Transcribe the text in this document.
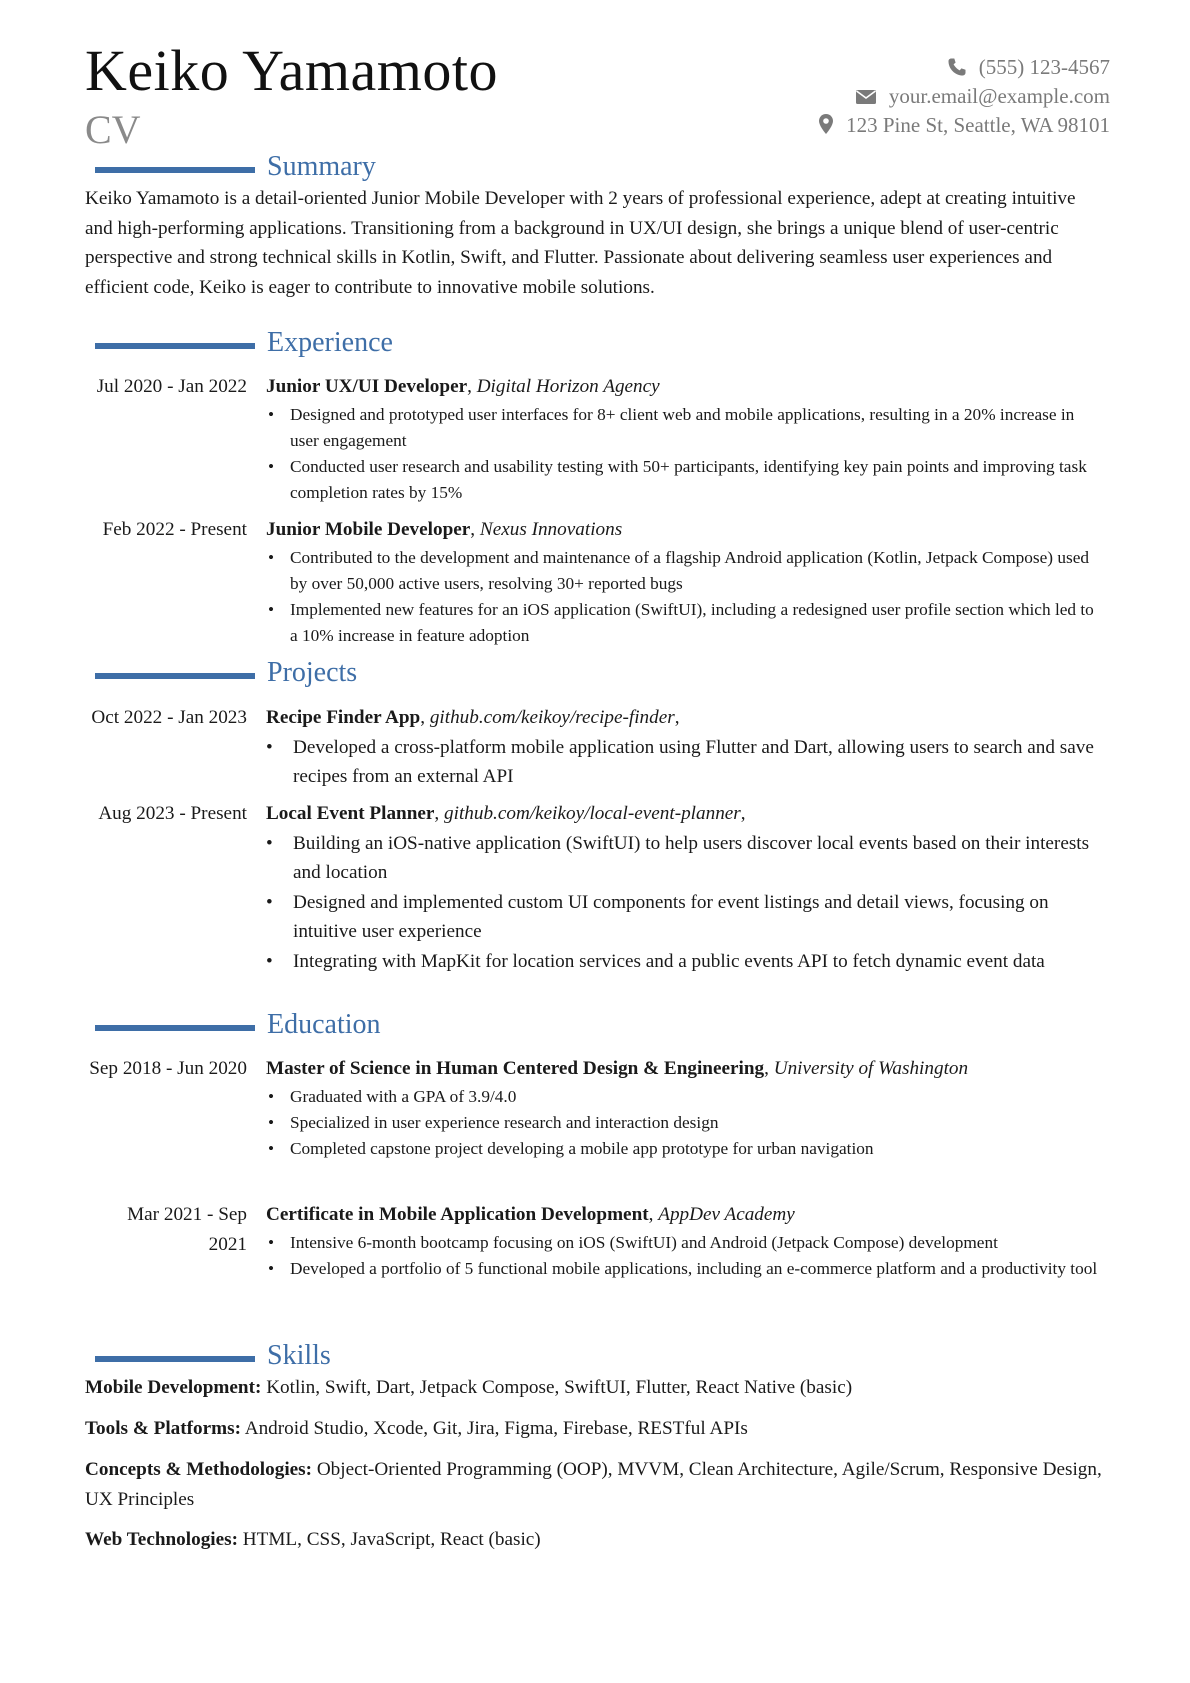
Keiko Yamamoto
CV
(555) 123-4567
your.email@example.com
123 Pine St, Seattle, WA 98101
Summary
Keiko Yamamoto is a detail-oriented Junior Mobile Developer with 2 years of professional experience, adept at creating intuitive and high-performing applications. Transitioning from a background in UX/UI design, she brings a unique blend of user-centric perspective and strong technical skills in Kotlin, Swift, and Flutter. Passionate about delivering seamless user experiences and efficient code, Keiko is eager to contribute to innovative mobile solutions.
Experience
Jul 2020 - Jan 2022 Junior UX/UI Developer, Digital Horizon Agency
• Designed and prototyped user interfaces for 8+ client web and mobile applications, resulting in a 20% increase in user engagement
• Conducted user research and usability testing with 50+ participants, identifying key pain points and improving task completion rates by 15%
Feb 2022 - Present Junior Mobile Developer, Nexus Innovations
• Contributed to the development and maintenance of a flagship Android application (Kotlin, Jetpack Compose) used by over 50,000 active users, resolving 30+ reported bugs
• Implemented new features for an iOS application (SwiftUI), including a redesigned user profile section which led to a 10% increase in feature adoption
Projects
Oct 2022 - Jan 2023 Recipe Finder App, github.com/keikoy/recipe-finder,
• Developed a cross-platform mobile application using Flutter and Dart, allowing users to search and save recipes from an external API
Aug 2023 - Present Local Event Planner, github.com/keikoy/local-event-planner,
• Building an iOS-native application (SwiftUI) to help users discover local events based on their interests and location
• Designed and implemented custom UI components for event listings and detail views, focusing on intuitive user experience
• Integrating with MapKit for location services and a public events API to fetch dynamic event data
Education
Sep 2018 - Jun 2020 Master of Science in Human Centered Design & Engineering, University of Washington
• Graduated with a GPA of 3.9/4.0
• Specialized in user experience research and interaction design
• Completed capstone project developing a mobile app prototype for urban navigation
Mar 2021 - Sep 2021
Certificate in Mobile Application Development, AppDev Academy
• Intensive 6-month bootcamp focusing on iOS (SwiftUI) and Android (Jetpack Compose) development
• Developed a portfolio of 5 functional mobile applications, including an e-commerce platform and a productivity tool
Skills
Mobile Development: Kotlin, Swift, Dart, Jetpack Compose, SwiftUI, Flutter, React Native (basic)
Tools & Platforms: Android Studio, Xcode, Git, Jira, Figma, Firebase, RESTful APIs
Concepts & Methodologies: Object-Oriented Programming (OOP), MVVM, Clean Architecture, Agile/Scrum, Responsive Design, UX Principles
Web Technologies: HTML, CSS, JavaScript, React (basic)
